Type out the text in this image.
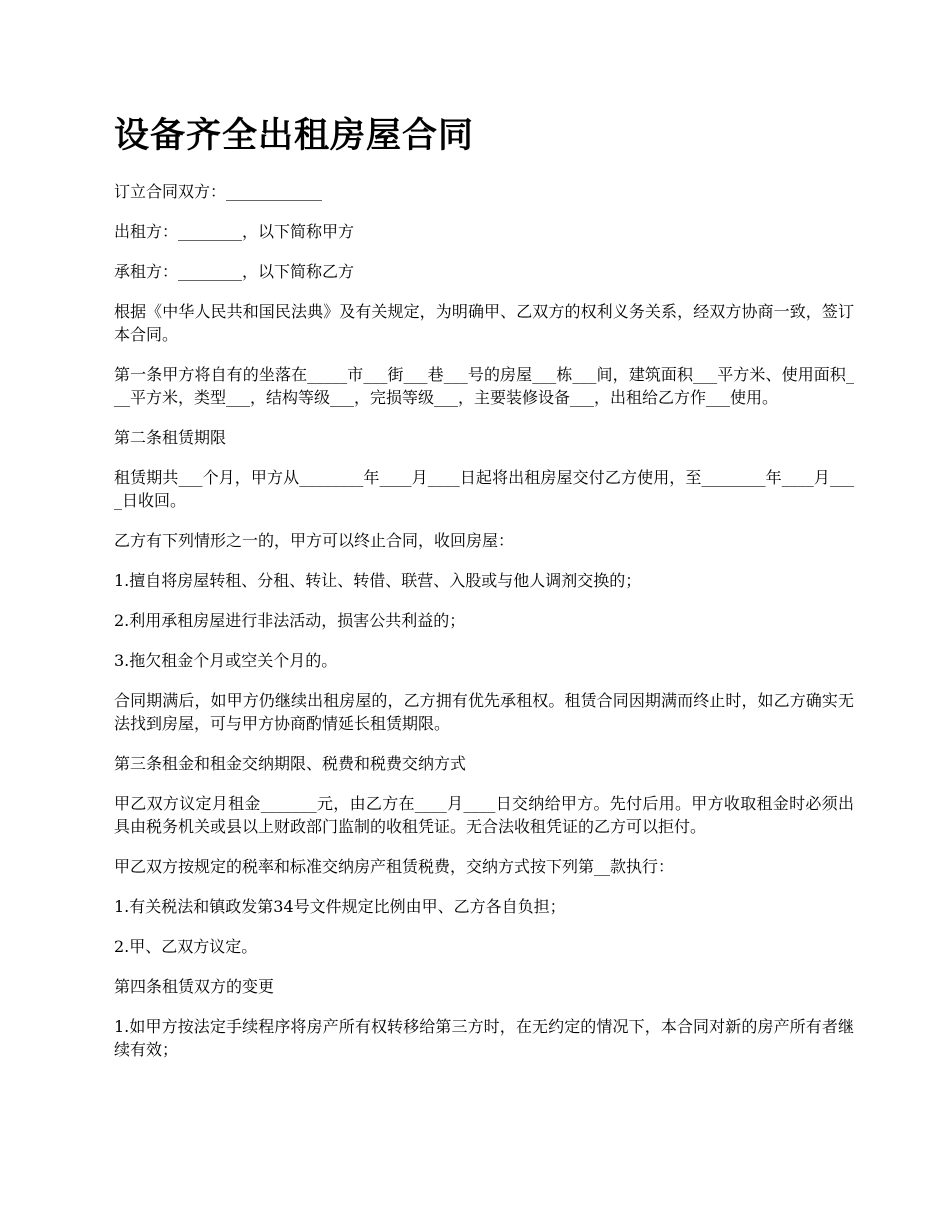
设备齐全出租房屋合同

订立合同双方：____________

出租方：________，以下简称甲方

承租方：________，以下简称乙方

根据《中华人民共和国民法典》及有关规定，为明确甲、乙双方的权利义务关系，经双方协商一致，签订本合同。

第一条甲方将自有的坐落在_____市___街___巷___号的房屋___栋___间，建筑面积___平方米、使用面积___平方米，类型___，结构等级___，完损等级___，主要装修设备___，出租给乙方作___使用。

第二条租赁期限

租赁期共___个月，甲方从________年____月____日起将出租房屋交付乙方使用，至________年____月____日收回。

乙方有下列情形之一的，甲方可以终止合同，收回房屋：

1.擅自将房屋转租、分租、转让、转借、联营、入股或与他人调剂交换的；

2.利用承租房屋进行非法活动，损害公共利益的；

3.拖欠租金个月或空关个月的。

合同期满后，如甲方仍继续出租房屋的，乙方拥有优先承租权。租赁合同因期满而终止时，如乙方确实无法找到房屋，可与甲方协商酌情延长租赁期限。

第三条租金和租金交纳期限、税费和税费交纳方式

甲乙双方议定月租金_______元，由乙方在____月____日交纳给甲方。先付后用。甲方收取租金时必须出具由税务机关或县以上财政部门监制的收租凭证。无合法收租凭证的乙方可以拒付。

甲乙双方按规定的税率和标准交纳房产租赁税费，交纳方式按下列第__款执行：

1.有关税法和镇政发第34号文件规定比例由甲、乙方各自负担；

2.甲、乙双方议定。

第四条租赁双方的变更

1.如甲方按法定手续程序将房产所有权转移给第三方时，在无约定的情况下，本合同对新的房产所有者继续有效；
